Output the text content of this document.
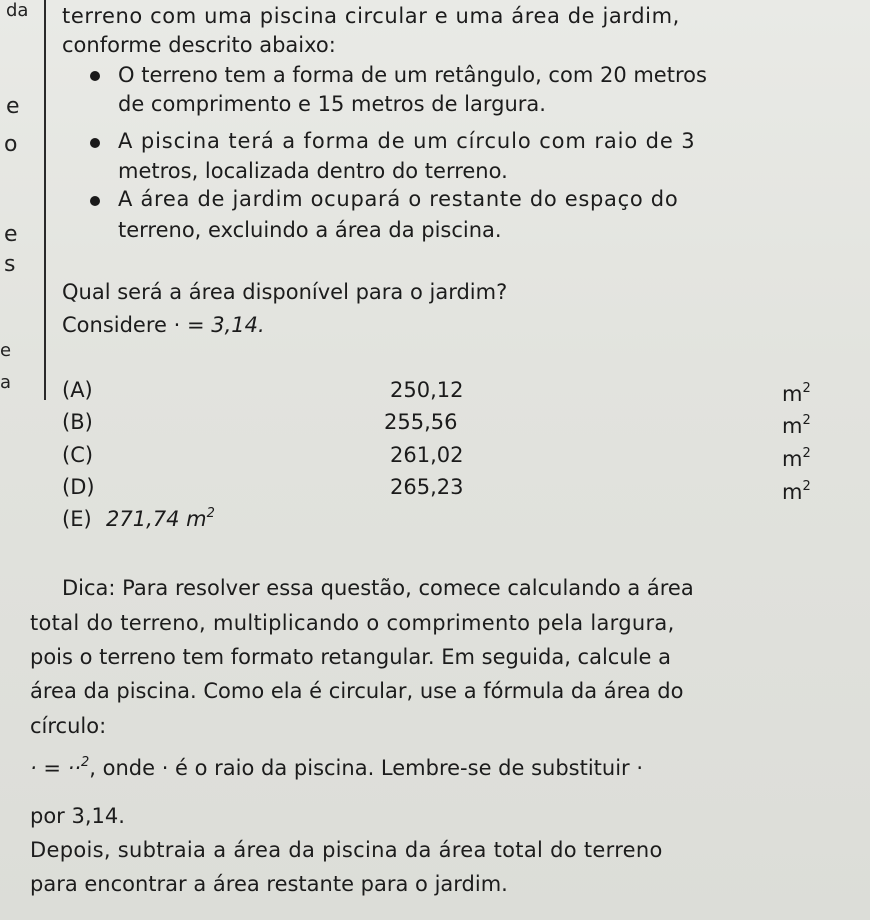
da
e
o
e
s
e
a
terreno com uma piscina circular e uma área de jardim,
conforme descrito abaixo:
O terreno tem a forma de um retângulo, com 20 metros
de comprimento e 15 metros de largura.
A piscina terá a forma de um círculo com raio de 3
metros, localizada dentro do terreno.
A área de jardim ocupará o restante do espaço do
terreno, excluindo a área da piscina.
Qual será a área disponível para o jardim?
Considere · = 3,14.
(A)	250,12	$m^2$
(B)	255,56	$m^2$
(C)	261,02	$m^2$
(D)	265,23	$m^2$
(E) 271,74 $m^2$
Dica: Para resolver essa questão, comece calculando a área
total do terreno, multiplicando o comprimento pela largura,
pois o terreno tem formato retangular. Em seguida, calcule a
área da piscina. Como ela é circular, use a fórmula da área do
círculo:
· = ··$^2$, onde · é o raio da piscina. Lembre-se de substituir ·
por 3,14.
Depois, subtraia a área da piscina da área total do terreno
para encontrar a área restante para o jardim.
